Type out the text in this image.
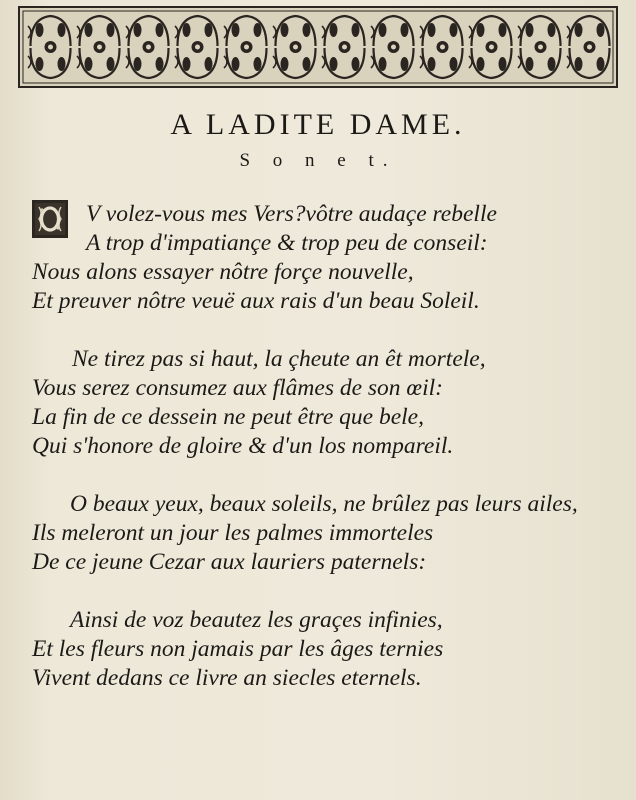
A LADITE DAME.
S o n e t.
V volez-vous mes Vers?vôtre audaçe rebelle
A trop d'impatiançe & trop peu de conseil:
Nous alons essayer nôtre forçe nouvelle,
Et preuver nôtre veuë aux rais d'un beau Soleil.
Ne tirez pas si haut, la çheute an êt mortele,
Vous serez consumez aux flâmes de son œil:
La fin de ce dessein ne peut être que bele,
Qui s'honore de gloire & d'un los nompareil.
O beaux yeux, beaux soleils, ne brûlez pas leurs ailes,
Ils meleront un jour les palmes immorteles
De ce jeune Cezar aux lauriers paternels:
Ainsi de voz beautez les graçes infinies,
Et les fleurs non jamais par les âges ternies
Vivent dedans ce livre an siecles eternels.
